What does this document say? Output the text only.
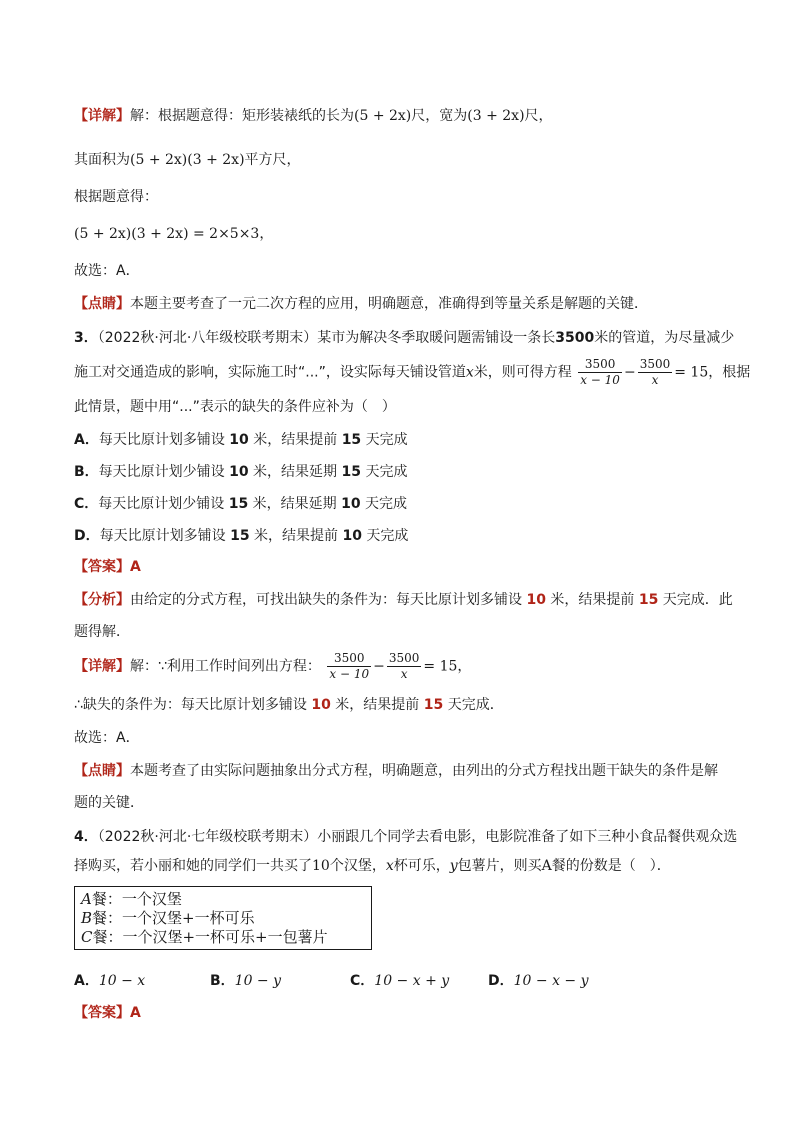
【详解】解：根据题意得：矩形装裱纸的长为(5 + 2x)尺，宽为(3 + 2x)尺，
其面积为(5 + 2x)(3 + 2x)平方尺，
根据题意得：
(5 + 2x)(3 + 2x) = 2×5×3，
故选：A．
【点睛】本题主要考查了一元二次方程的应用，明确题意，准确得到等量关系是解题的关键．
3．（2022秋·河北·八年级校联考期末）某市为解决冬季取暖问题需铺设一条长3500米的管道，为尽量减少
施工对交通造成的影响，实际施工时“...”，设实际每天铺设管道x米，则可得方程 $\frac{3500}{x - 10} - \frac{3500}{x} = 15$，根据
此情景，题中用“...”表示的缺失的条件应补为（　）
A．每天比原计划多铺设 10 米，结果提前 15 天完成
B．每天比原计划少铺设 10 米，结果延期 15 天完成
C．每天比原计划少铺设 15 米，结果延期 10 天完成
D．每天比原计划多铺设 15 米，结果提前 10 天完成
【答案】A
【分析】由给定的分式方程，可找出缺失的条件为：每天比原计划多铺设 10 米，结果提前 15 天完成．此
题得解．
【详解】解：∵利用工作时间列出方程： $\frac{3500}{x - 10} - \frac{3500}{x} = 15$，
∴缺失的条件为：每天比原计划多铺设 10 米，结果提前 15 天完成．
故选：A．
【点睛】本题考查了由实际问题抽象出分式方程，明确题意，由列出的分式方程找出题干缺失的条件是解
题的关键．
4．（2022秋·河北·七年级校联考期末）小丽跟几个同学去看电影，电影院准备了如下三种小食品餐供观众选
择购买，若小丽和她的同学们一共买了10个汉堡，x杯可乐，y包薯片，则买A餐的份数是（　）．
A餐：一个汉堡
B餐：一个汉堡+一杯可乐
C餐：一个汉堡+一杯可乐+一包薯片
A．10 − x	B．10 − y	C．10 − x + y	D．10 − x − y
【答案】A
